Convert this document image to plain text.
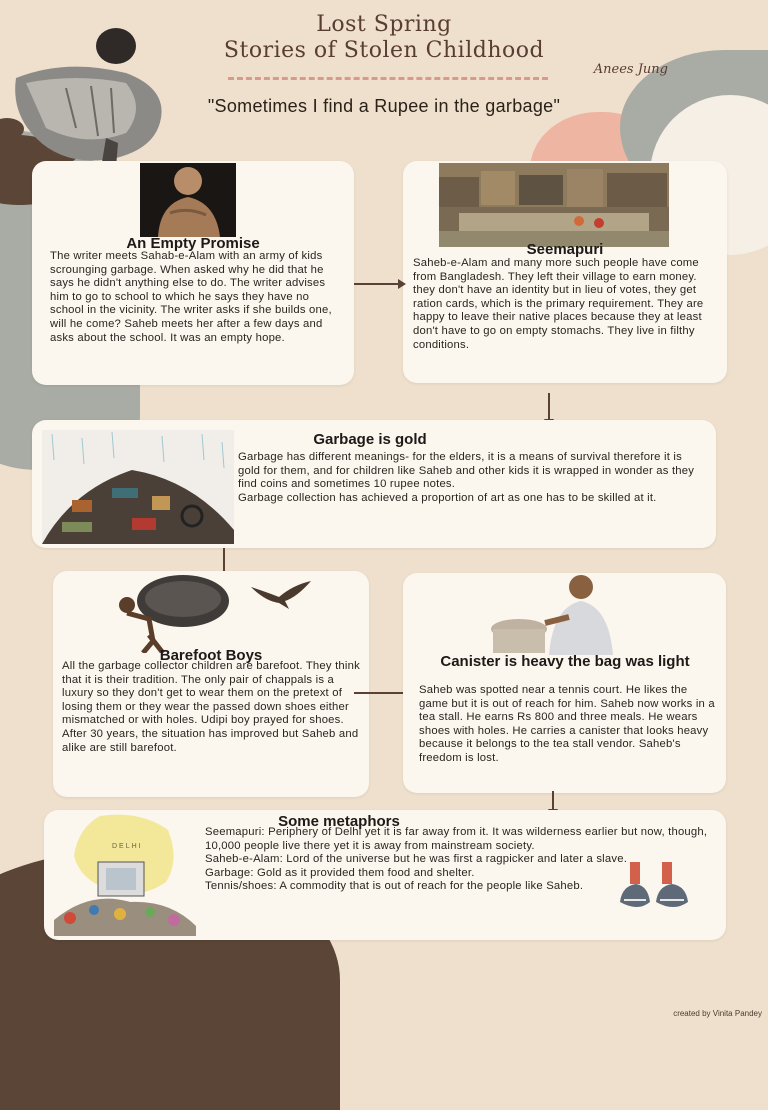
Lost Spring
Stories of Stolen Childhood
Anees Jung
"Sometimes I find a Rupee in the garbage"
An Empty Promise

The writer meets Sahab-e-Alam with an army of kids scrounging garbage. When asked why he did that he says he didn't anything else to do. The writer advises him to go to school to which he says they have no school in the vicinity. The writer asks if she builds one, will he come? Saheb meets her after a few days and asks about the school. It was an empty hope.

Seemapuri

Saheb-e-Alam and many more such people have come from Bangladesh. They left their village to earn money. they don't have an identity but in lieu of votes, they get ration cards, which is the primary requirement. They are happy to leave their native places because they at least don't have to go on empty stomachs. They live in filthy conditions.

Garbage is gold

Garbage has different meanings- for the elders, it is a means of survival therefore it is gold for them, and for children like Saheb and other kids it is wrapped in wonder as they find coins and sometimes 10 rupee notes.
Garbage collection has achieved a proportion of art as one has to be skilled at it.

Barefoot Boys

All the garbage collector children are barefoot. They think that it is their tradition. The only pair of chappals is a luxury so they don't get to wear them on the pretext of losing them or they wear the passed down shoes either mismatched or with holes. Udipi boy prayed for shoes. After 30 years, the situation has improved but Saheb and alike are still barefoot.

Canister is heavy the bag was light

Saheb was spotted near a tennis court. He likes the game but it is out of reach for him. Saheb now works in a tea stall. He earns Rs 800 and three meals. He wears shoes with holes. He carries a canister that looks heavy because it belongs to the tea stall vendor. Saheb's freedom is lost.

DELHI
Some metaphors

Seemapuri: Periphery of Delhi yet it is far away from it. It was wilderness earlier but now, though, 10,000 people live there yet it is away from mainstream society.
Saheb-e-Alam: Lord of the universe but he was first a ragpicker and later a slave.
Garbage: Gold as it provided them food and shelter.
Tennis/shoes: A commodity that is out of reach for the people like Saheb.

created by Vinita Pandey
